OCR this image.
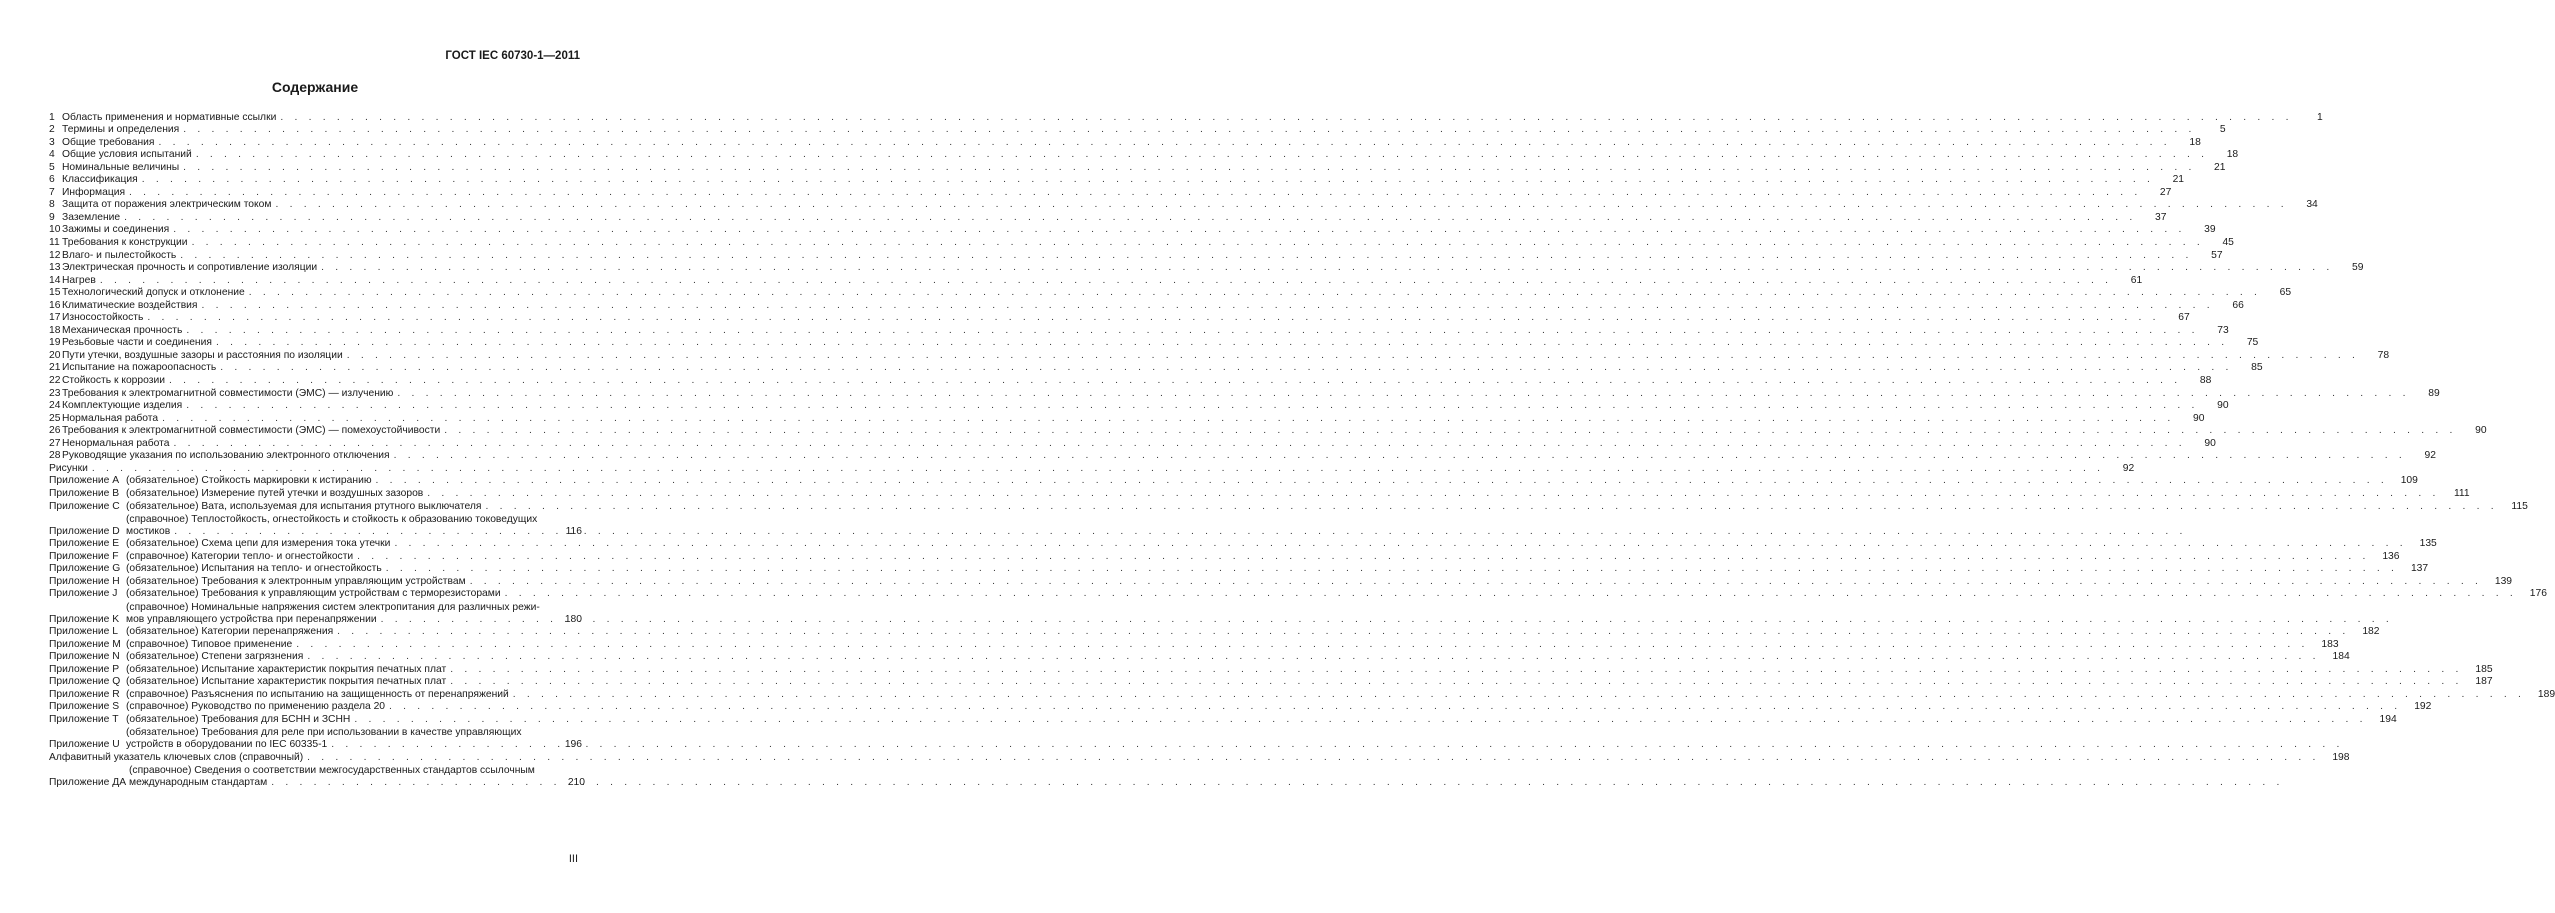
ГОСТ IEC 60730-1—2011
Содержание
1 Область применения и нормативные ссылки . . .	1
2 Термины и определения . . .	5
3 Общие требования . . .	18
4 Общие условия испытаний . . .	18
5 Номинальные величины . . .	21
6 Классификация . . .	21
7 Информация . . .	27
8 Защита от поражения электрическим током . . .	34
9 Заземление . . .	37
10 Зажимы и соединения . . .	39
11 Требования к конструкции . . .	45
12 Влаго- и пылестойкость . . .	57
13 Электрическая прочность и сопротивление изоляции . . .	59
14 Нагрев . . .	61
15 Технологический допуск и отклонение . . .	65
16 Климатические воздействия . . .	66
17 Износостойкость . . .	67
18 Механическая прочность . . .	73
19 Резьбовые части и соединения . . .	75
20 Пути утечки, воздушные зазоры и расстояния по изоляции . . .	78
21 Испытание на пожароопасность . . .	85
22 Стойкость к коррозии . . .	88
23 Требования к электромагнитной совместимости (ЭМС) — излучению . . .	89
24 Комплектующие изделия . . .	90
25 Нормальная работа . . .	90
26 Требования к электромагнитной совместимости (ЭМС) — помехоустойчивости . . .	90
27 Ненормальная работа . . .	90
28 Руководящие указания по использованию электронного отключения . . .	92
Рисунки . . .	92
Приложение A (обязательное) Стойкость маркировки к истиранию . . .	109
Приложение B (обязательное) Измерение путей утечки и воздушных зазоров . . .	111
Приложение C (обязательное) Вата, используемая для испытания ртутного выключателя . . .	115
Приложение D
(справочное) Теплостойкость, огнестойкость и стойкость к образованию токоведущих
мостиков . . .	116
Приложение E (обязательное) Схема цепи для измерения тока утечки . . .	135
Приложение F (справочное) Категории тепло- и огнестойкости . . .	136
Приложение G (обязательное) Испытания на тепло- и огнестойкость . . .	137
Приложение H (обязательное) Требования к электронным управляющим устройствам . . .	139
Приложение J (обязательное) Требования к управляющим устройствам с терморезисторами . . .	176
Приложение K
(справочное) Номинальные напряжения систем электропитания для различных режи-
мов управляющего устройства при перенапряжении . . .	180
Приложение L (обязательное) Категории перенапряжения . . .	182
Приложение M (справочное) Типовое применение . . .	183
Приложение N (обязательное) Степени загрязнения . . .	184
Приложение P (обязательное) Испытание характеристик покрытия печатных плат . . .	185
Приложение Q (обязательное) Испытание характеристик покрытия печатных плат . . .	187
Приложение R (справочное) Разъяснения по испытанию на защищенность от перенапряжений . . .	189
Приложение S (справочное) Руководство по применению раздела 20 . . .	192
Приложение T (обязательное) Требования для БСНН и ЗСНН . . .	194
Приложение U
(обязательное) Требования для реле при использовании в качестве управляющих
устройств в оборудовании по IEC 60335-1 . . .	196
Алфавитный указатель ключевых слов (справочный) . . .	198
Приложение ДА
(справочное) Сведения о соответствии межгосударственных стандартов ссылочным
международным стандартам . . .	210
III
